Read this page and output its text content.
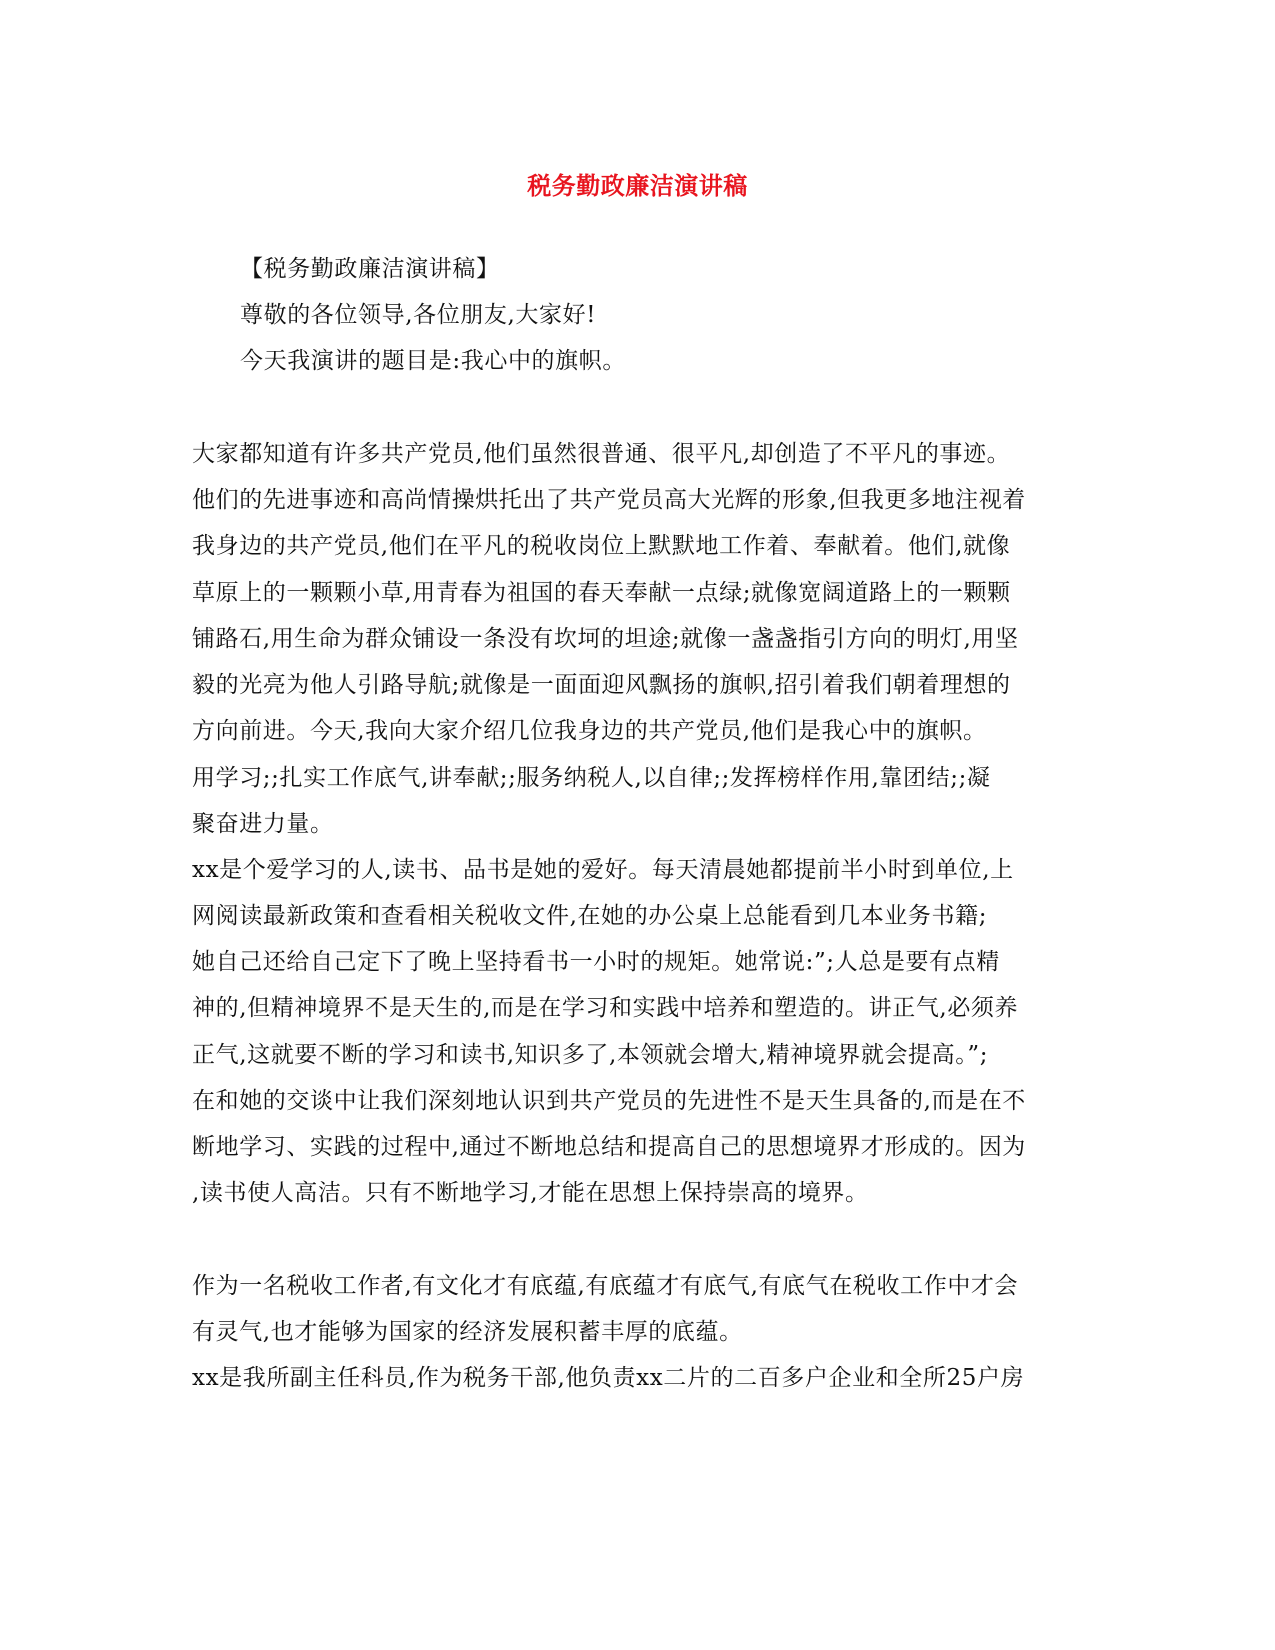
税务勤政廉洁演讲稿
【税务勤政廉洁演讲稿】
尊敬的各位领导,各位朋友,大家好!
今天我演讲的题目是:我心中的旗帜。
大家都知道有许多共产党员,他们虽然很普通、很平凡,却创造了不平凡的事迹。
他们的先进事迹和高尚情操烘托出了共产党员高大光辉的形象,但我更多地注视着
我身边的共产党员,他们在平凡的税收岗位上默默地工作着、奉献着。他们,就像
草原上的一颗颗小草,用青春为祖国的春天奉献一点绿;就像宽阔道路上的一颗颗
铺路石,用生命为群众铺设一条没有坎坷的坦途;就像一盏盏指引方向的明灯,用坚
毅的光亮为他人引路导航;就像是一面面迎风飘扬的旗帜,招引着我们朝着理想的
方向前进。今天,我向大家介绍几位我身边的共产党员,他们是我心中的旗帜。
用学习;;扎实工作底气,讲奉献;;服务纳税人,以自律;;发挥榜样作用,靠团结;;凝
聚奋进力量。
xx是个爱学习的人,读书、品书是她的爱好。每天清晨她都提前半小时到单位,上
网阅读最新政策和查看相关税收文件,在她的办公桌上总能看到几本业务书籍;
她自己还给自己定下了晚上坚持看书一小时的规矩。她常说:”;人总是要有点精
神的,但精神境界不是天生的,而是在学习和实践中培养和塑造的。讲正气,必须养
正气,这就要不断的学习和读书,知识多了,本领就会增大,精神境界就会提高。”;
在和她的交谈中让我们深刻地认识到共产党员的先进性不是天生具备的,而是在不
断地学习、实践的过程中,通过不断地总结和提高自己的思想境界才形成的。因为
,读书使人高洁。只有不断地学习,才能在思想上保持崇高的境界。
作为一名税收工作者,有文化才有底蕴,有底蕴才有底气,有底气在税收工作中才会
有灵气,也才能够为国家的经济发展积蓄丰厚的底蕴。
xx是我所副主任科员,作为税务干部,他负责xx二片的二百多户企业和全所25户房
